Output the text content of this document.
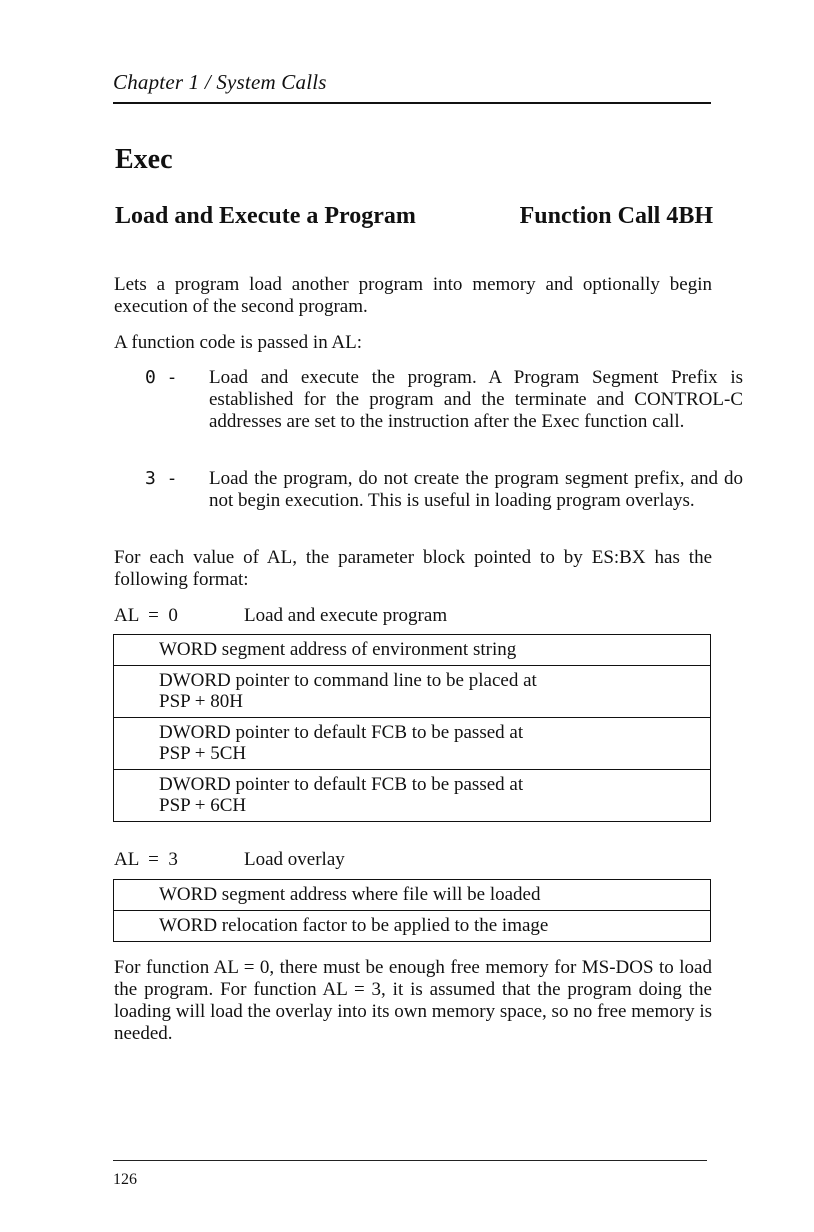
Chapter 1 / System Calls
Exec
Load and Execute a Program	Function Call 4BH
Lets a program load another program into memory and optionally begin execution of the second program.
A function code is passed in AL:
0 - Load and execute the program. A Program Segment Prefix is established for the program and the terminate and CONTROL-C addresses are set to the instruction after the Exec function call.
3 - Load the program, do not create the program segment prefix, and do not begin execution. This is useful in loading program overlays.
For each value of AL, the parameter block pointed to by ES:BX has the following format:

AL  =  0

	Load and execute program

WORD segment address of environment string
DWORD pointer to command line to be placed at
PSP + 80H
DWORD pointer to default FCB to be passed at
PSP + 5CH
DWORD pointer to default FCB to be passed at
PSP + 6CH

AL  =  3

	Load overlay

WORD segment address where file will be loaded
WORD relocation factor to be applied to the image
For function AL = 0, there must be enough free memory for MS-DOS to load the program. For function AL = 3, it is assumed that the program doing the loading will load the overlay into its own memory space, so no free memory is needed.
126
